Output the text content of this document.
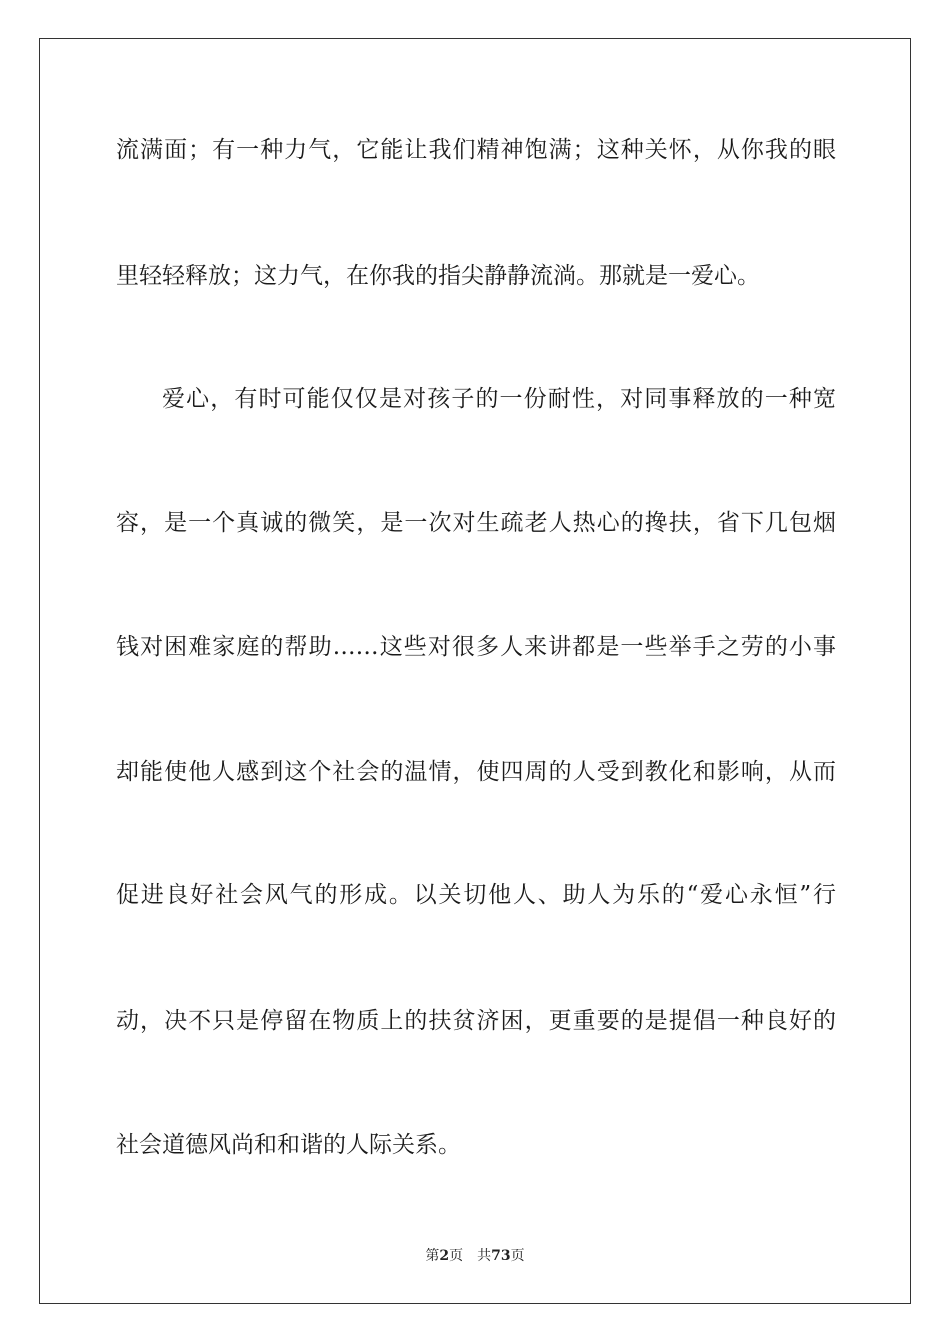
流满面；有一种力气，它能让我们精神饱满；这种关怀，从你我的眼
里轻轻释放；这力气，在你我的指尖静静流淌。那就是一爱心。
爱心，有时可能仅仅是对孩子的一份耐性，对同事释放的一种宽
容，是一个真诚的微笑，是一次对生疏老人热心的搀扶，省下几包烟
钱对困难家庭的帮助……这些对很多人来讲都是一些举手之劳的小事
却能使他人感到这个社会的温情，使四周的人受到教化和影响，从而
促进良好社会风气的形成。以关切他人、助人为乐的“爱心永恒”行
动，决不只是停留在物质上的扶贫济困，更重要的是提倡一种良好的
社会道德风尚和和谐的人际关系。
第2页 共73页
